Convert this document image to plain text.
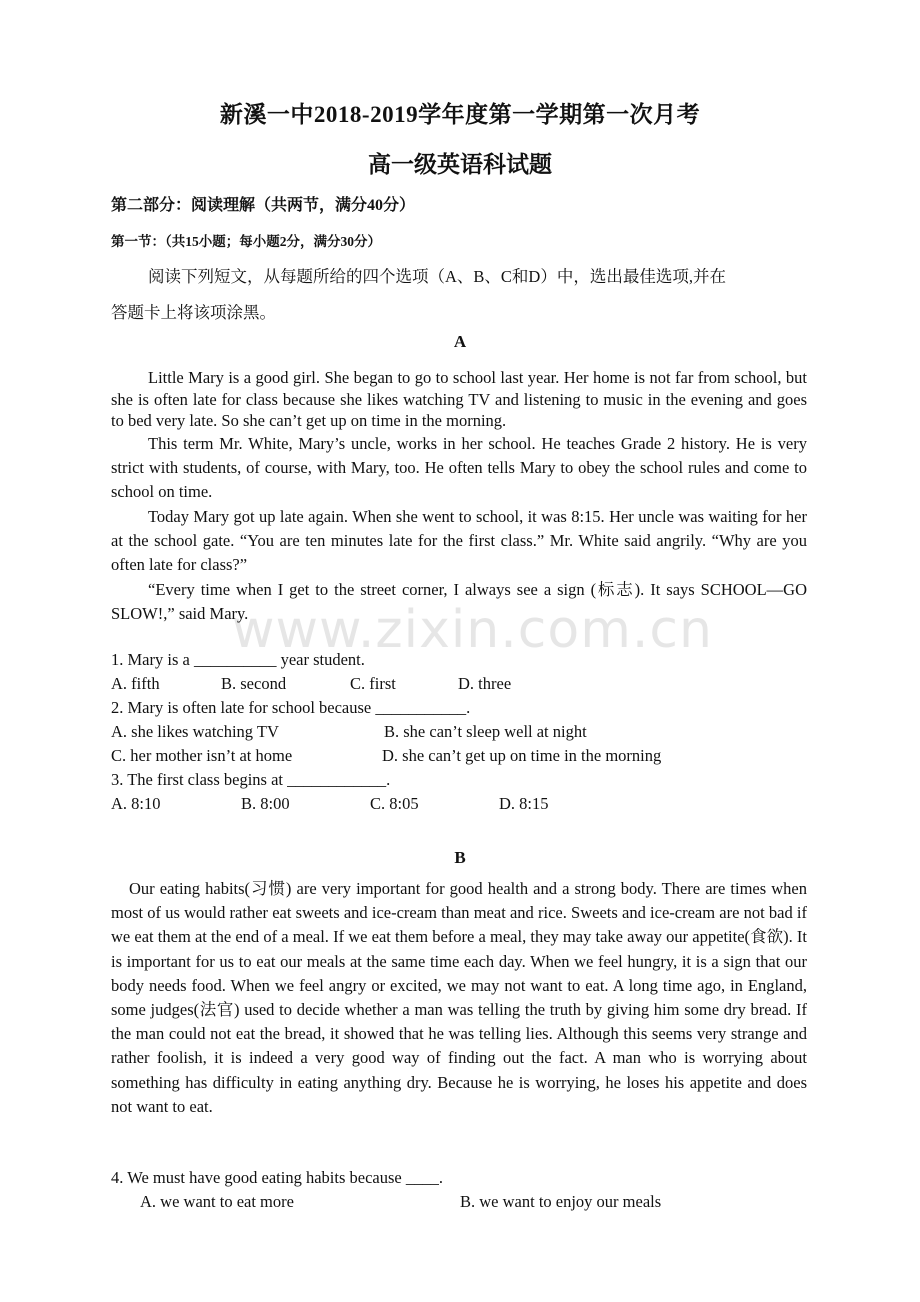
www.zixin.com.cn
新溪一中2018-2019学年度第一学期第一次月考
高一级英语科试题
第二部分：阅读理解（共两节，满分40分）
第一节：（共15小题；每小题2分，满分30分）
阅读下列短文，从每题所给的四个选项（A、B、C和D）中，选出最佳选项,并在
答题卡上将该项涂黑。
A

Little Mary is a good girl. She began to go to school last year. Her home is not far from school, but she is often late for class because she likes watching TV and listening to music in the evening and goes to bed very late. So she can’t get up on time in the morning.

This term Mr. White, Mary’s uncle, works in her school. He teaches Grade 2 history. He is very strict with students, of course, with Mary, too. He often tells Mary to obey the school rules and come to school on time.

Today Mary got up late again. When she went to school, it was 8:15. Her uncle was waiting for her at the school gate. “You are ten minutes late for the first class.” Mr. White said angrily. “Why are you often late for class?”

“Every time when I get to the street corner, I always see a sign (标志). It says SCHOOL—GO SLOW!,” said Mary.

1. Mary is a __________ year student.
A. fifth	B. second	C. first	D. three
2. Mary is often late for school because ___________.
A. she likes watching TV	B. she can’t sleep well at night
C. her mother isn’t at home	D. she can’t get up on time in the morning
3. The first class begins at ____________.
A. 8:10	B. 8:00	C. 8:05	D. 8:15
B

Our eating habits(习惯) are very important for good health and a strong body. There are times when most of us would rather eat sweets and ice-cream than meat and rice. Sweets and ice-cream are not bad if we eat them at the end of a meal. If we eat them before a meal, they may take away our appetite(食欲). It is important for us to eat our meals at the same time each day. When we feel hungry, it is a sign that our body needs food. When we feel angry or excited, we may not want to eat. A long time ago, in England, some judges(法官) used to decide whether a man was telling the truth by giving him some dry bread. If the man could not eat the bread, it showed that he was telling lies. Although this seems very strange and rather foolish, it is indeed a very good way of finding out the fact. A man who is worrying about something has difficulty in eating anything dry. Because he is worrying, he loses his appetite and does not want to eat.

4. We must have good eating habits because ____.
A. we want to eat more	B. we want to enjoy our meals
